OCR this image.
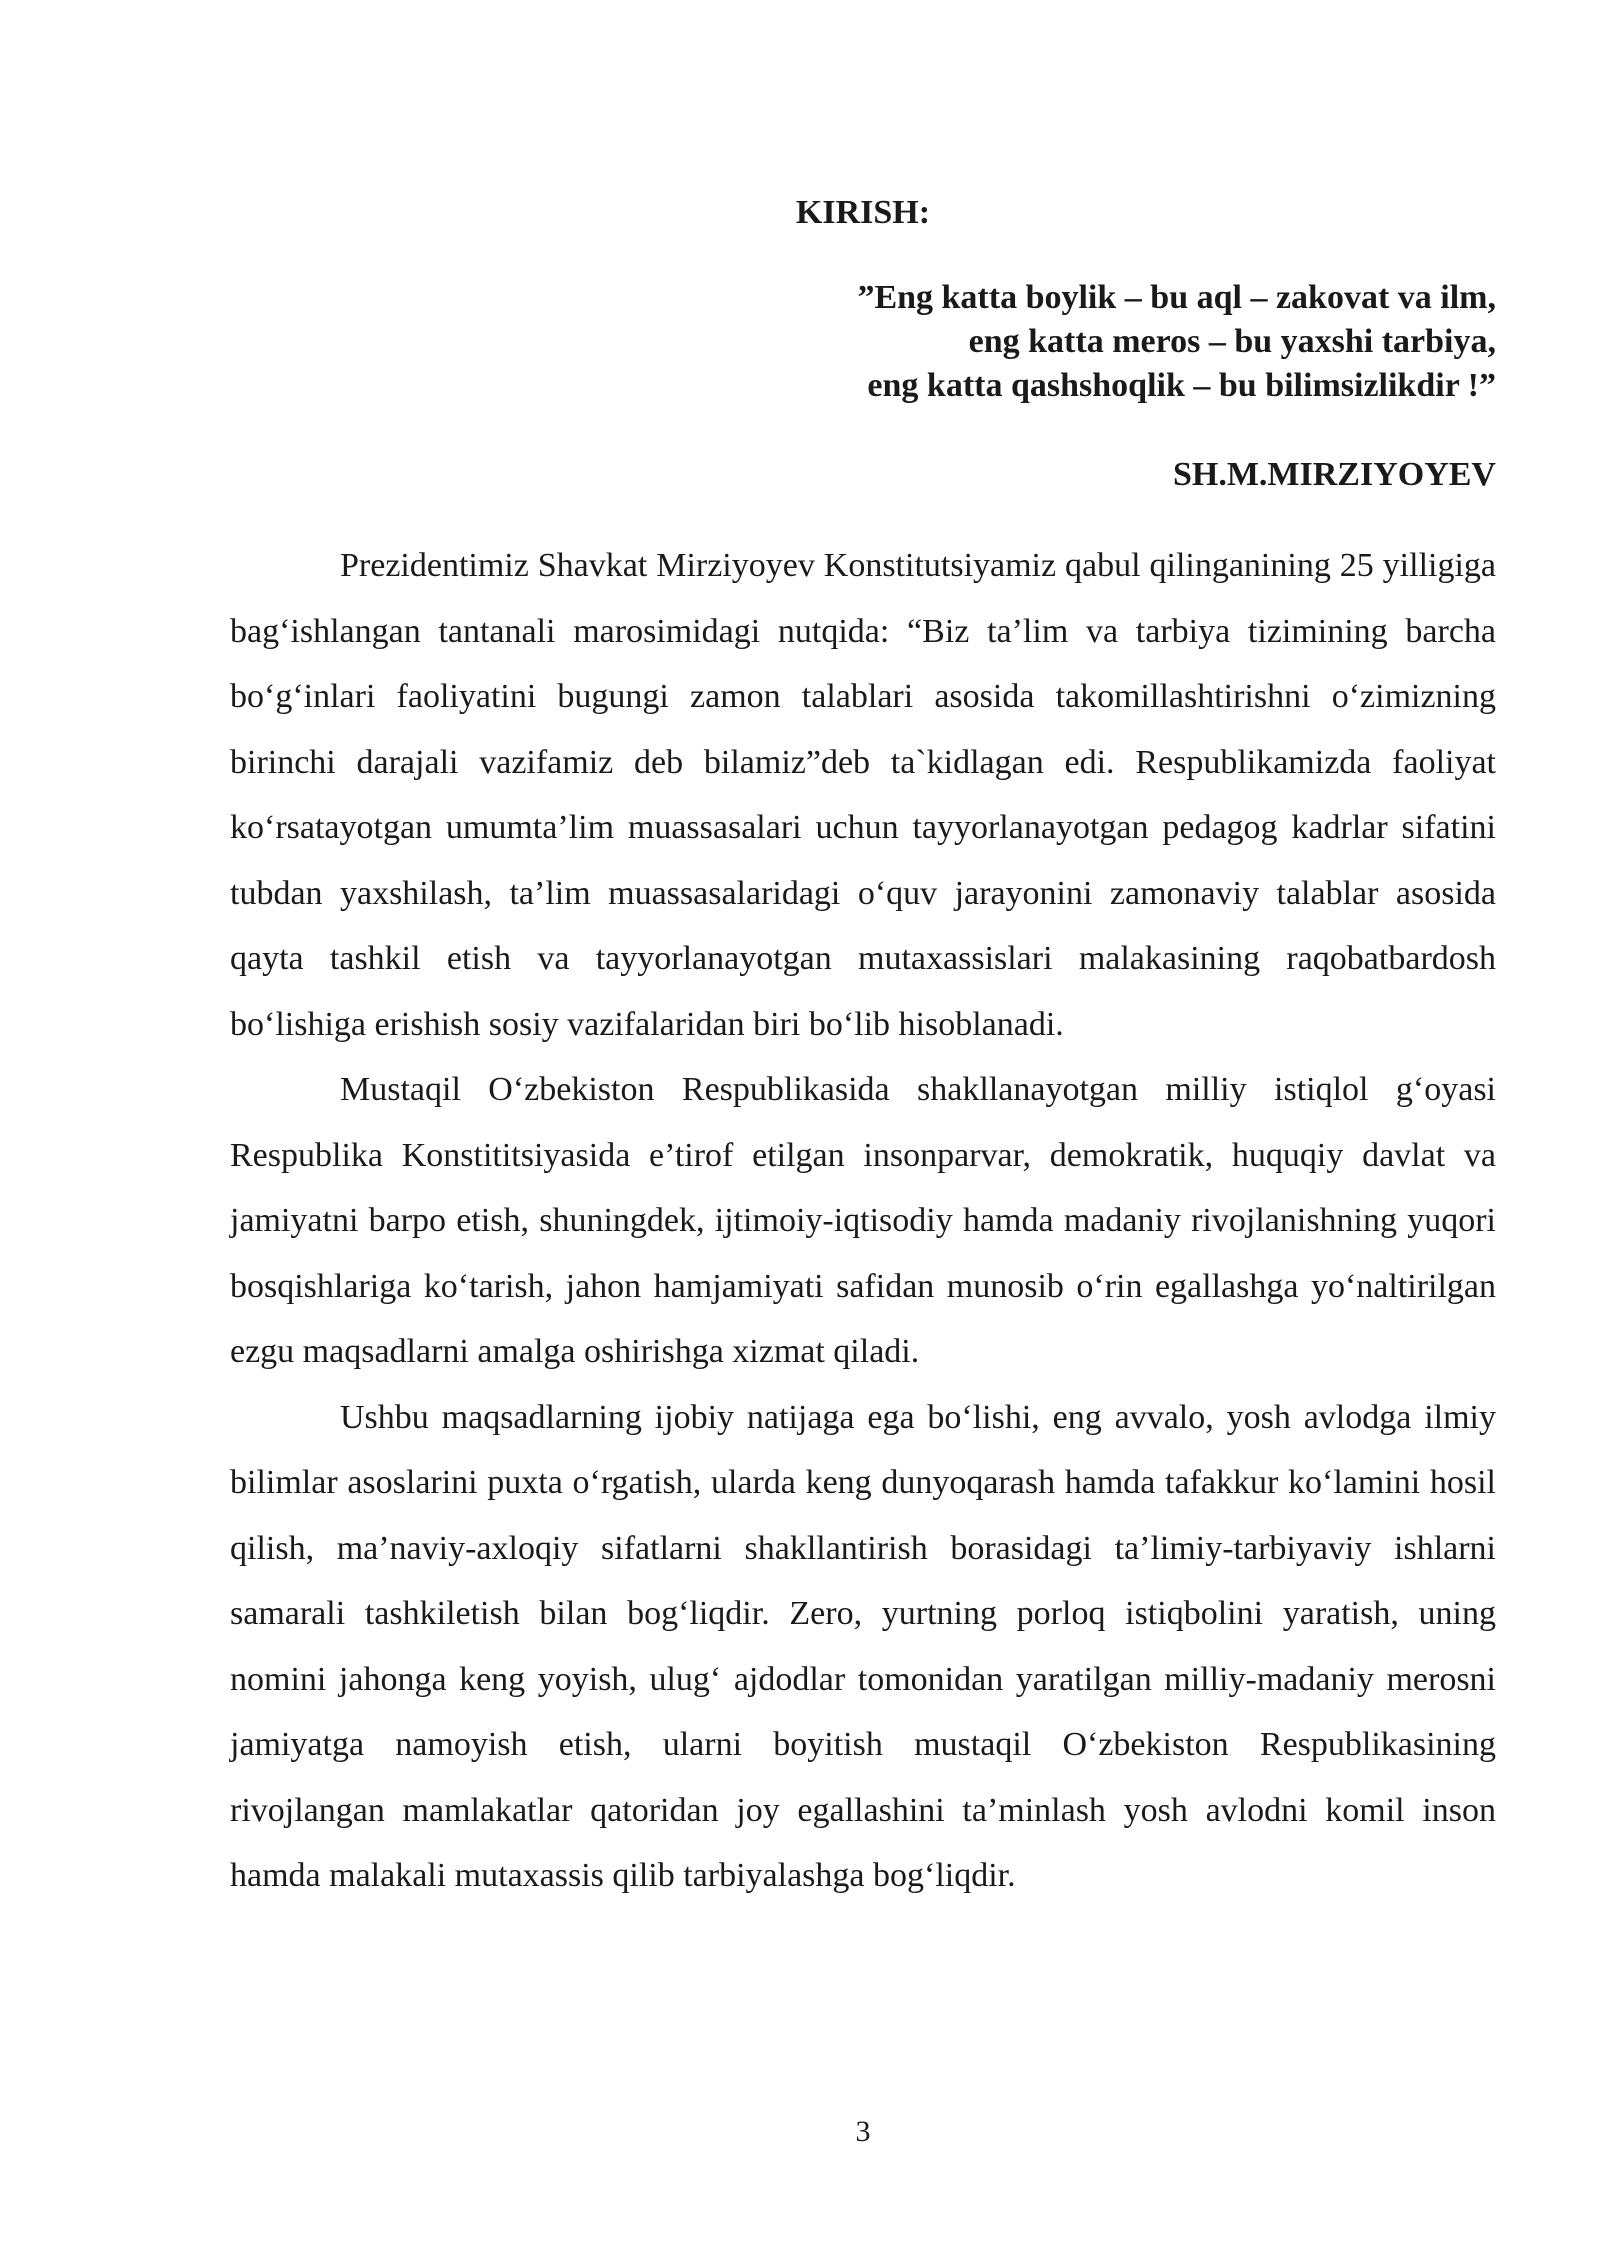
KIRISH:
”Eng katta boylik – bu aql – zakovat va ilm,
eng katta meros – bu yaxshi tarbiya,
eng katta qashshoqlik – bu bilimsizlikdir !”
SH.M.MIRZIYOYEV

Prezidentimiz Shavkat Mirziyoyev Konstitutsiyamiz qabul qilinganining 25 yilligiga bag‘ishlangan tantanali marosimidagi nutqida: “Biz ta’lim va tarbiya tizimining barcha bo‘g‘inlari faoliyatini bugungi zamon talablari asosida takomillashtirishni o‘zimizning birinchi darajali vazifamiz deb bilamiz”deb ta`kidlagan edi. Respublikamizda faoliyat ko‘rsatayotgan umumta’lim muassasalari uchun tayyorlanayotgan pedagog kadrlar sifatini tubdan yaxshilash, ta’lim muassasalaridagi o‘quv jarayonini zamonaviy talablar asosida qayta tashkil etish va tayyorlanayotgan mutaxassislari malakasining raqobatbardosh bo‘lishiga erishish sosiy vazifalaridan biri bo‘lib hisoblanadi.

Mustaqil O‘zbekiston Respublikasida shakllanayotgan milliy istiqlol g‘oyasi Respublika Konstititsiyasida e’tirof etilgan insonparvar, demokratik, huquqiy davlat va jamiyatni barpo etish, shuningdek, ijtimoiy-iqtisodiy hamda madaniy rivojlanishning yuqori bosqishlariga ko‘tarish, jahon hamjamiyati safidan munosib o‘rin egallashga yo‘naltirilgan ezgu maqsadlarni amalga oshirishga xizmat qiladi.

Ushbu maqsadlarning ijobiy natijaga ega bo‘lishi, eng avvalo, yosh avlodga ilmiy bilimlar asoslarini puxta o‘rgatish, ularda keng dunyoqarash hamda tafakkur ko‘lamini hosil qilish, ma’naviy-axloqiy sifatlarni shakllantirish borasidagi ta’limiy-tarbiyaviy ishlarni samarali tashkiletish bilan bog‘liqdir. Zero, yurtning porloq istiqbolini yaratish, uning nomini jahonga keng yoyish, ulug‘ ajdodlar tomonidan yaratilgan milliy-madaniy merosni jamiyatga namoyish etish, ularni boyitish mustaqil O‘zbekiston Respublikasining rivojlangan mamlakatlar qatoridan joy egallashini ta’minlash yosh avlodni komil inson hamda malakali mutaxassis qilib tarbiyalashga bog‘liqdir.

3
